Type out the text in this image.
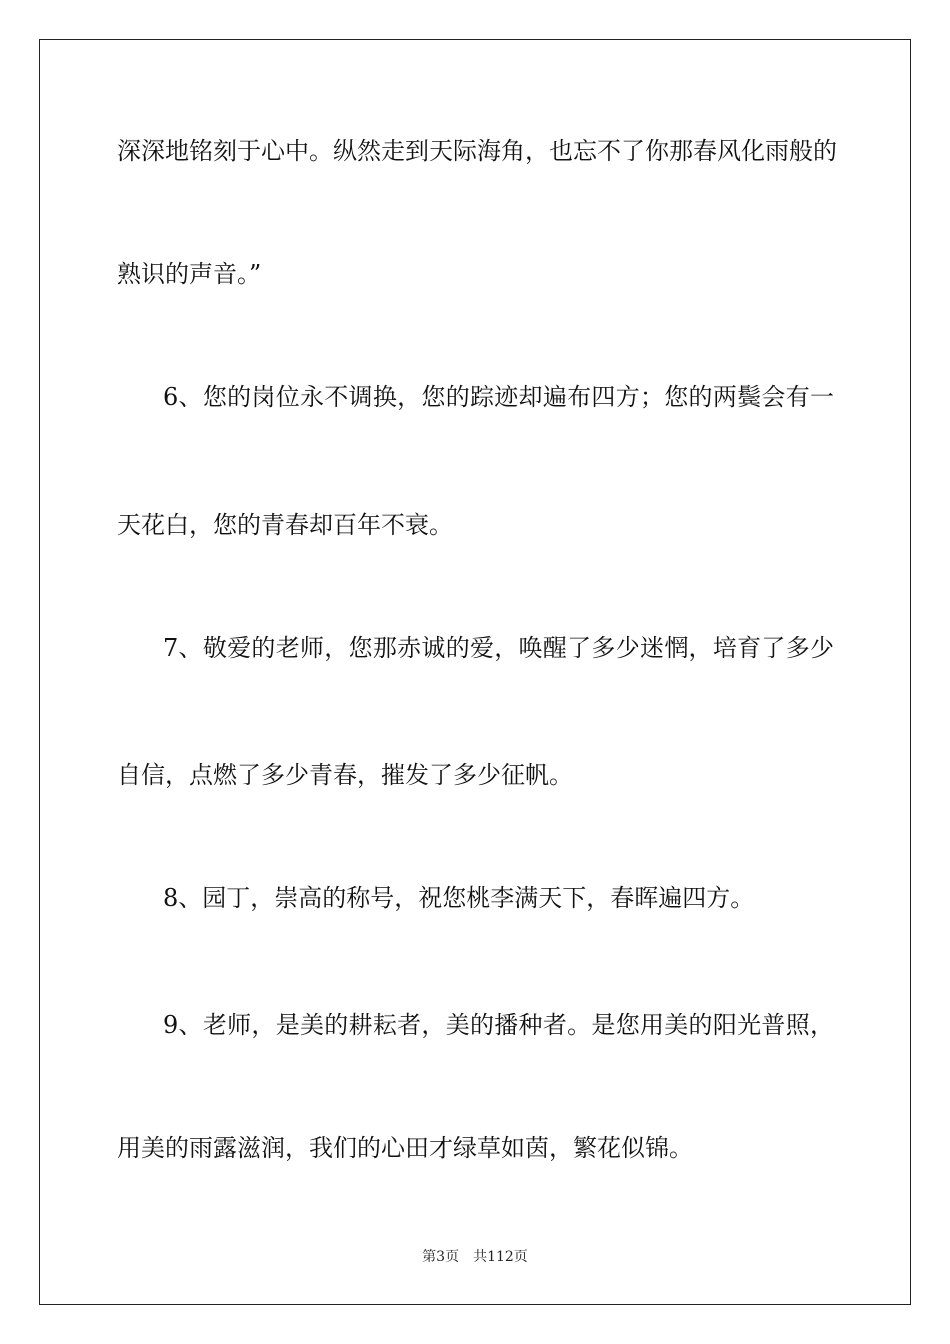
深深地铭刻于心中。纵然走到天际海角，也忘不了你那春风化雨般的
熟识的声音。”
6、您的岗位永不调换，您的踪迹却遍布四方；您的两鬓会有一
天花白，您的青春却百年不衰。
7、敬爱的老师，您那赤诚的爱，唤醒了多少迷惘，培育了多少
自信，点燃了多少青春，摧发了多少征帆。
8、园丁，崇高的称号，祝您桃李满天下，春晖遍四方。
9、老师，是美的耕耘者，美的播种者。是您用美的阳光普照，
用美的雨露滋润，我们的心田才绿草如茵，繁花似锦。
第3页　共112页
